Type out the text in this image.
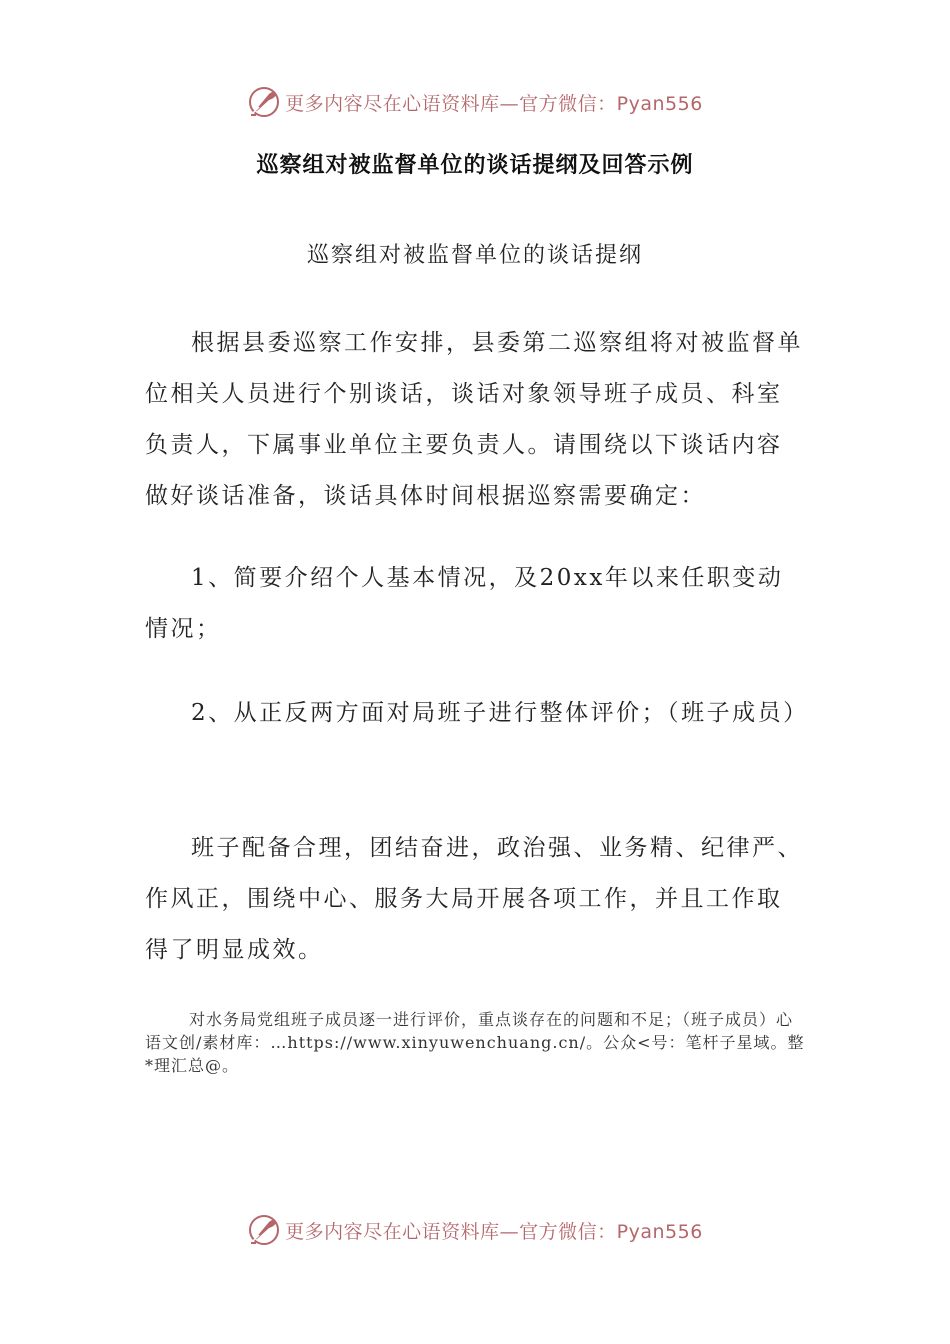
更多内容尽在心语资料库—官方微信：Pyan556
巡察组对被监督单位的谈话提纲及回答示例
巡察组对被监督单位的谈话提纲
根据县委巡察工作安排，县委第二巡察组将对被监督单位相关人员进行个别谈话，谈话对象领导班子成员、科室负责人，下属事业单位主要负责人。请围绕以下谈话内容做好谈话准备，谈话具体时间根据巡察需要确定：
1、简要介绍个人基本情况，及20xx年以来任职变动情况；
2、从正反两方面对局班子进行整体评价；（班子成员）
班子配备合理，团结奋进，政治强、业务精、纪律严、作风正，围绕中心、服务大局开展各项工作，并且工作取得了明显成效。
对水务局党组班子成员逐一进行评价，重点谈存在的问题和不足；（班子成员）心语文创/素材库：…https://www.xinyuwenchuang.cn/。公众<号：笔杆子星域。整*理汇总@。
更多内容尽在心语资料库—官方微信：Pyan556
